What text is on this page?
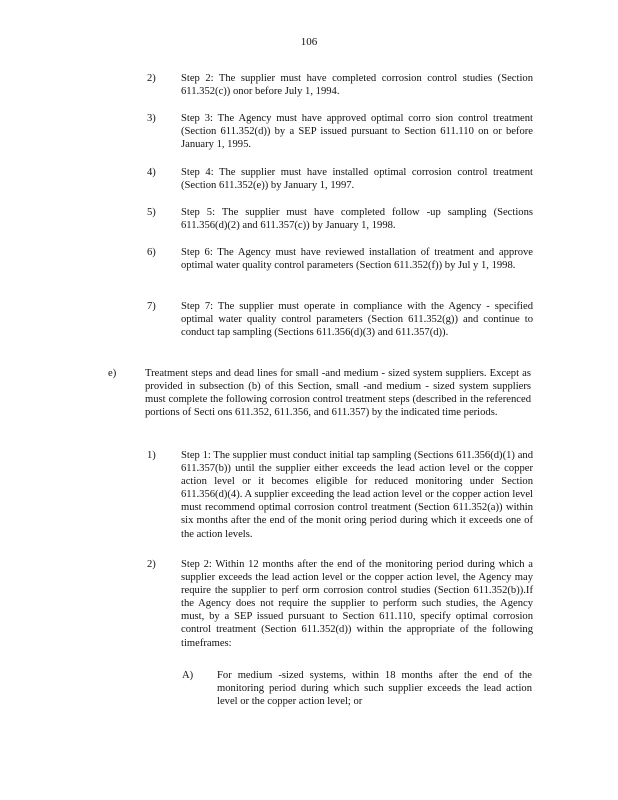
106
2) Step 2: The supplier must have completed corrosion control studies (Section 611.352(c)) onor before July 1, 1994.
3) Step 3: The Agency must have approved optimal corro sion control treatment (Section 611.352(d)) by a SEP issued pursuant to Section 611.110 on or before January 1, 1995.
4) Step 4: The supplier must have installed optimal corrosion control treatment (Section 611.352(e)) by January 1, 1997.
5) Step 5: The supplier must have completed follow -up sampling (Sections 611.356(d)(2) and 611.357(c)) by January 1, 1998.
6) Step 6: The Agency must have reviewed installation of treatment and approve optimal water quality control parameters (Section 611.352(f)) by Jul y 1, 1998.
7) Step 7: The supplier must operate in compliance with the Agency - specified optimal water quality control parameters (Section 611.352(g)) and continue to conduct tap sampling (Sections 611.356(d)(3) and 611.357(d)).
e)	Treatment steps and dead lines for small -and medium - sized system suppliers. Except as provided in subsection (b) of this Section, small -and medium - sized system suppliers must complete the following corrosion control treatment steps (described in the referenced portions of Secti ons 611.352, 611.356, and 611.357) by the indicated time periods.
1) Step 1: The supplier must conduct initial tap sampling (Sections 611.356(d)(1) and 611.357(b)) until the supplier either exceeds the lead action level or the copper action level or it becomes eligible for reduced monitoring under Section 611.356(d)(4). A supplier exceeding the lead action level or the copper action level must recommend optimal corrosion control treatment (Section 611.352(a)) within six months after the end of the monit oring period during which it exceeds one of the action levels.
2) Step 2: Within 12 months after the end of the monitoring period during which a supplier exceeds the lead action level or the copper action level, the Agency may require the supplier to perf orm corrosion control studies (Section 611.352(b)).If the Agency does not require the supplier to perform such studies, the Agency must, by a SEP issued pursuant to Section 611.110, specify optimal corrosion control treatment (Section 611.352(d)) within the appropriate of the following timeframes:
A) For medium -sized systems, within 18 months after the end of the monitoring period during which such supplier exceeds the lead action level or the copper action level; or
